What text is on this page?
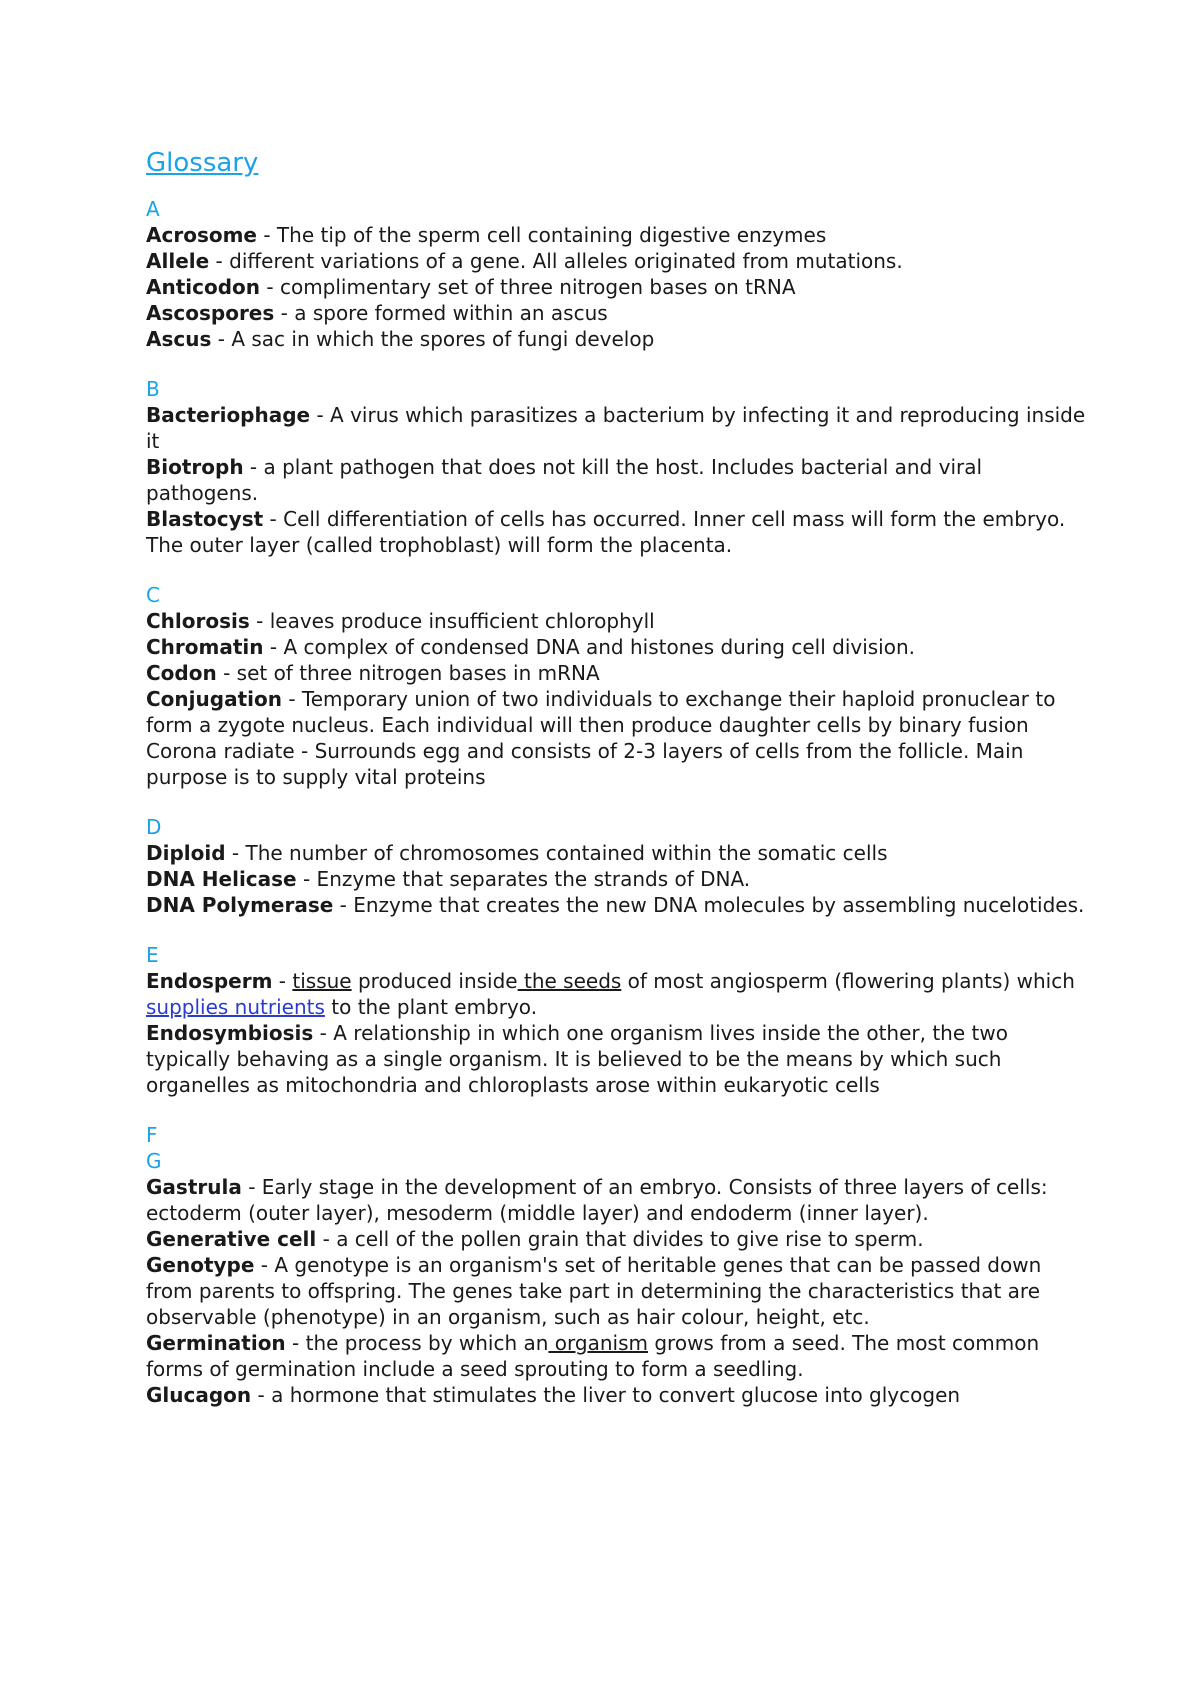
Glossary

A

Acrosome - The tip of the sperm cell containing digestive enzymes

Allele - different variations of a gene. All alleles originated from mutations.

Anticodon - complimentary set of three nitrogen bases on tRNA

Ascospores - a spore formed within an ascus

Ascus - A sac in which the spores of fungi develop

B

Bacteriophage - A virus which parasitizes a bacterium by infecting it and reproducing inside it

Biotroph - a plant pathogen that does not kill the host. Includes bacterial and viral pathogens.

Blastocyst - Cell differentiation of cells has occurred. Inner cell mass will form the embryo. The outer layer (called trophoblast) will form the placenta.

C

Chlorosis - leaves produce insufficient chlorophyll

Chromatin - A complex of condensed DNA and histones during cell division.

Codon - set of three nitrogen bases in mRNA

Conjugation - Temporary union of two individuals to exchange their haploid pronuclear to form a zygote nucleus. Each individual will then produce daughter cells by binary fusion

Corona radiate - Surrounds egg and consists of 2-3 layers of cells from the follicle. Main purpose is to supply vital proteins

D

Diploid - The number of chromosomes contained within the somatic cells

DNA Helicase - Enzyme that separates the strands of DNA.

DNA Polymerase - Enzyme that creates the new DNA molecules by assembling nucelotides.

E

Endosperm - tissue produced inside the seeds of most angiosperm (flowering plants) which supplies nutrients to the plant embryo.

Endosymbiosis - A relationship in which one organism lives inside the other, the two typically behaving as a single organism. It is believed to be the means by which such organelles as mitochondria and chloroplasts arose within eukaryotic cells

F

G

Gastrula - Early stage in the development of an embryo. Consists of three layers of cells: ectoderm (outer layer), mesoderm (middle layer) and endoderm (inner layer).

Generative cell - a cell of the pollen grain that divides to give rise to sperm.

Genotype - A genotype is an organism's set of heritable genes that can be passed down from parents to offspring. The genes take part in determining the characteristics that are observable (phenotype) in an organism, such as hair colour, height, etc.

Germination - the process by which an organism grows from a seed. The most common forms of germination include a seed sprouting to form a seedling.

Glucagon - a hormone that stimulates the liver to convert glucose into glycogen
